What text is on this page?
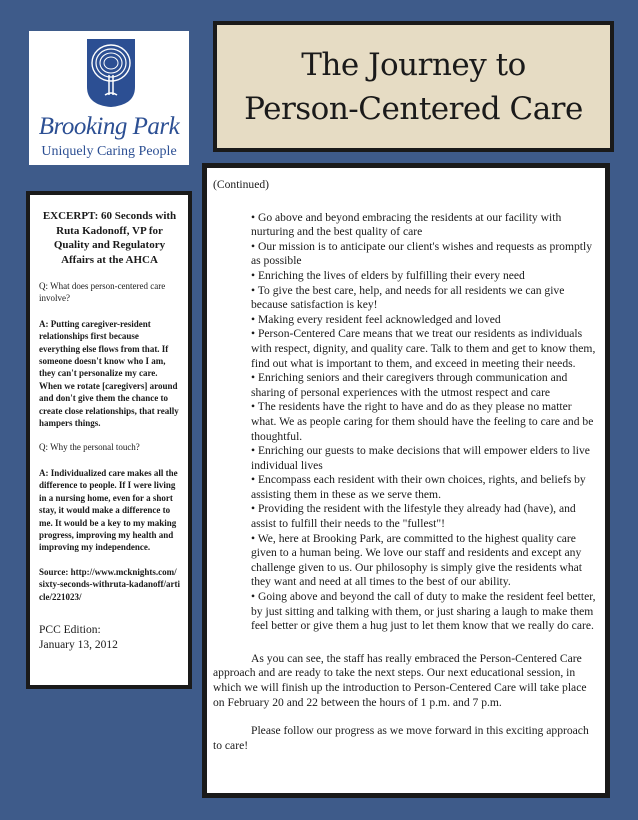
Brooking Park
Uniquely Caring People
The Journey to
Person-Centered Care
EXCERPT: 60 Seconds with Ruta Kadonoff, VP for Quality and Regulatory Affairs at the AHCA
Q: What does person-centered care involve?
A: Putting caregiver-resident relationships first because everything else flows from that. If someone doesn't know who I am, they can't personalize my care. When we rotate [caregivers] around and don't give them the chance to create close relationships, that really hampers things.
Q: Why the personal touch?
A: Individualized care makes all the difference to people. If I were living in a nursing home, even for a short stay, it would make a difference to me. It would be a key to my making progress, improving my health and improving my independence.
Source: http://www.mcknights.com/sixty-seconds-withruta-kadanoff/article/221023/
PCC Edition:
January 13, 2012
(Continued)
• Go above and beyond embracing the residents at our facility with nurturing and the best quality of care
• Our mission is to anticipate our client's wishes and requests as promptly as possible
• Enriching the lives of elders by fulfilling their every need
• To give the best care, help, and needs for all residents we can give because satisfaction is key!
• Making every resident feel acknowledged and loved
• Person-Centered Care means that we treat our residents as individuals with respect, dignity, and quality care. Talk to them and get to know them, find out what is important to them, and exceed in meeting their needs.
• Enriching seniors and their caregivers through communication and sharing of personal experiences with the utmost respect and care
• The residents have the right to have and do as they please no matter what. We as people caring for them should have the feeling to care and be thoughtful.
• Enriching our guests to make decisions that will empower elders to live individual lives
• Encompass each resident with their own choices, rights, and beliefs by assisting them in these as we serve them.
• Providing the resident with the lifestyle they already had (have), and assist to fulfill their needs to the "fullest"!
• We, here at Brooking Park, are committed to the highest quality care given to a human being. We love our staff and residents and except any challenge given to us. Our philosophy is simply give the residents what they want and need at all times to the best of our ability.
• Going above and beyond the call of duty to make the resident feel better, by just sitting and talking with them, or just sharing a laugh to make them feel better or give them a hug just to let them know that we really do care.

As you can see, the staff has really embraced the Person-Centered Care approach and are ready to take the next steps. Our next educational session, in which we will finish up the introduction to Person-Centered Care will take place on February 20 and 22 between the hours of 1 p.m. and 7 p.m.

Please follow our progress as we move forward in this exciting approach to care!
